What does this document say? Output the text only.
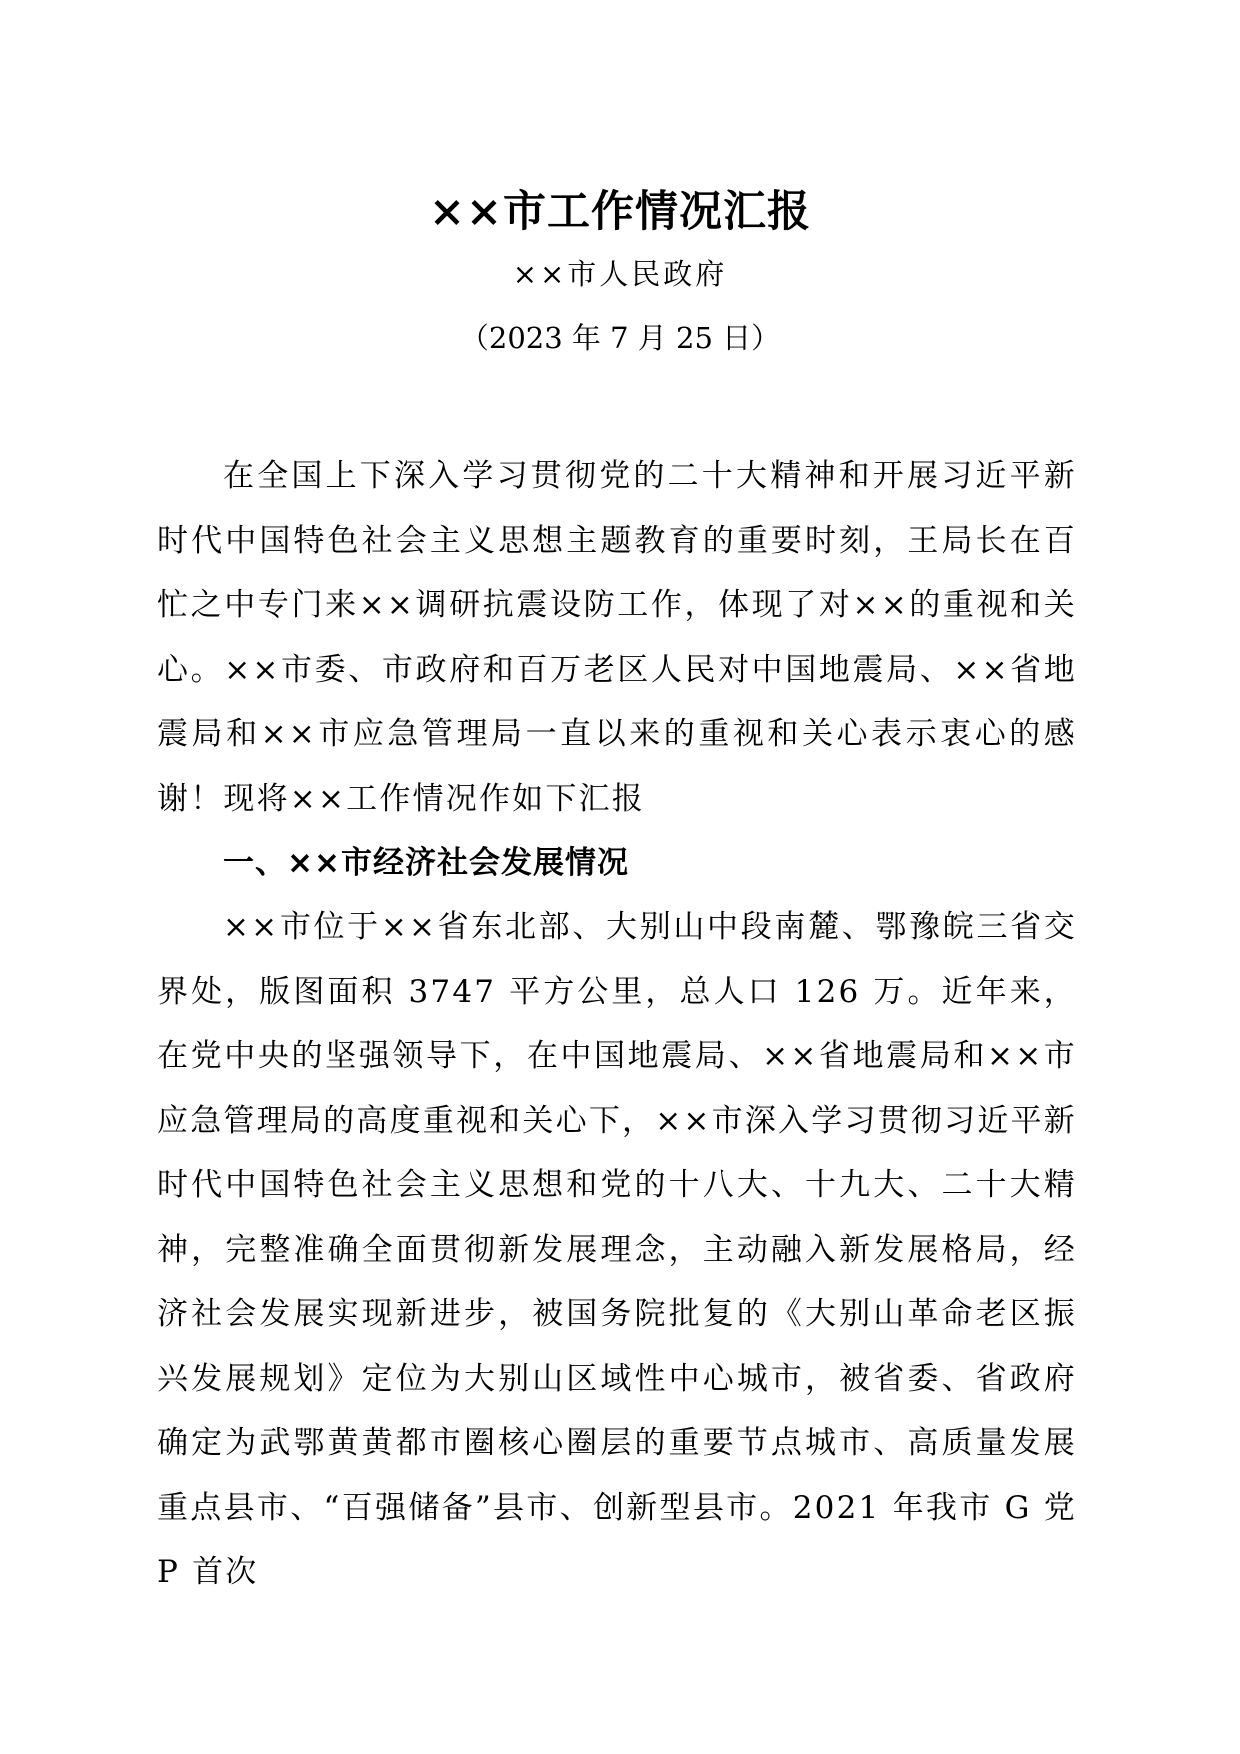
××市工作情况汇报
××市人民政府
（2023 年 7 月 25 日）

在全国上下深入学习贯彻党的二十大精神和开展习近平新时代中国特色社会主义思想主题教育的重要时刻，王局长在百忙之中专门来××调研抗震设防工作，体现了对××的重视和关心。××市委、市政府和百万老区人民对中国地震局、××省地震局和××市应急管理局一直以来的重视和关心表示衷心的感谢！现将××工作情况作如下汇报

一、××市经济社会发展情况

××市位于××省东北部、大别山中段南麓、鄂豫皖三省交界处，版图面积 3747 平方公里，总人口 126 万。近年来，在党中央的坚强领导下，在中国地震局、××省地震局和××市应急管理局的高度重视和关心下，××市深入学习贯彻习近平新时代中国特色社会主义思想和党的十八大、十九大、二十大精神，完整准确全面贯彻新发展理念，主动融入新发展格局，经济社会发展实现新进步，被国务院批复的《大别山革命老区振兴发展规划》定位为大别山区域性中心城市，被省委、省政府确定为武鄂黄黄都市圈核心圈层的重要节点城市、高质量发展重点县市、“百强储备”县市、创新型县市。2021 年我市 G 党 P 首次
